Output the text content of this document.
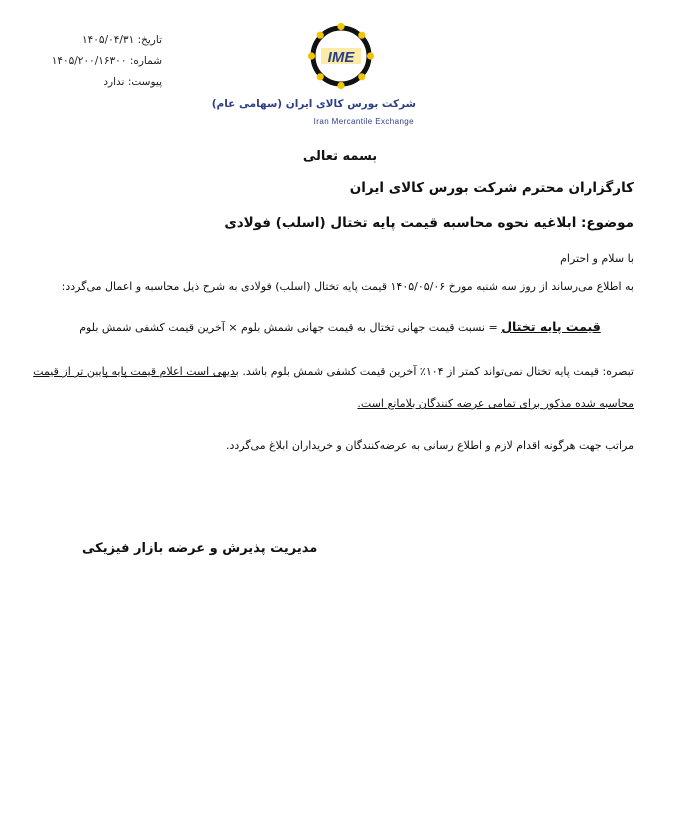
تاریخ: ۱۴۰۵/۰۴/۳۱
شماره: ۱۴۰۵/۲۰۰/۱۶۳۰۰
پیوست: ندارد
IME
شرکت بورس کالای ایران (سهامی عام)
Iran Mercantile Exchange
بسمه تعالی
کارگزاران محترم شرکت بورس کالای ایران
موضوع: ابلاغیه نحوه محاسبه قیمت پایه تختال (اسلب) فولادی
با سلام و احترام
به اطلاع می‌رساند از روز سه شنبه مورخ ۱۴۰۵/۰۵/۰۶ قیمت پایه تختال (اسلب) فولادی به شرح ذیل محاسبه و اعمال می‌گردد:
قیمت پایه تختال = نسبت قیمت جهانی تختال به قیمت جهانی شمش بلوم × آخرین قیمت کشفی شمش بلوم
تبصره: قیمت پایه تختال نمی‌تواند کمتر از ۱۰۴٪ آخرین قیمت کشفی شمش بلوم باشد. بدیهی است اعلام قیمت پایه پایین تر از قیمت
محاسبه شده مذکور برای تمامی عرضه کنندگان بلامانع است.
مراتب جهت هرگونه اقدام لازم و اطلاع رسانی به عرضه‌کنندگان و خریداران ابلاغ می‌گردد.
مدیریت پذیرش و عرضه بازار فیزیکی
